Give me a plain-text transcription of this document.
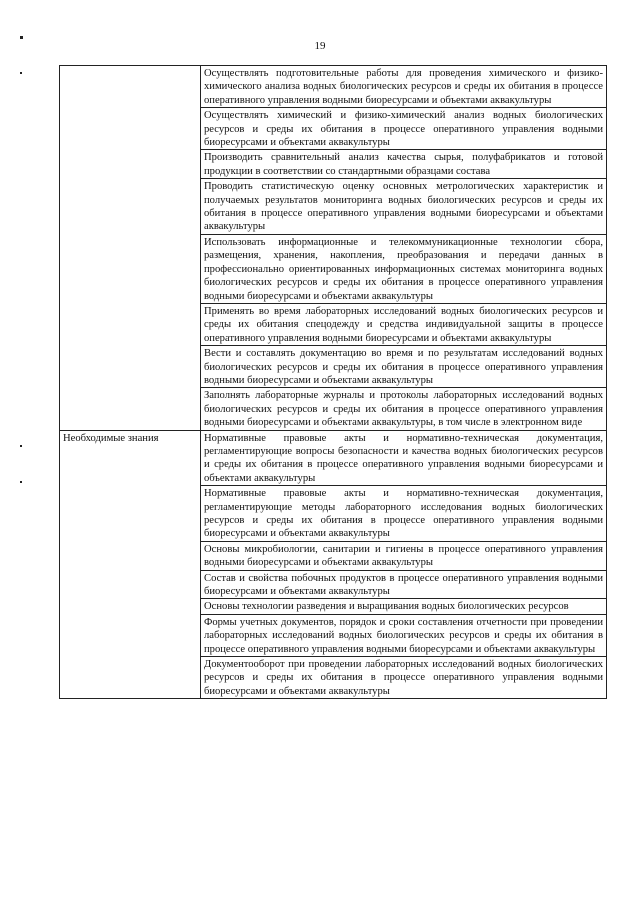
19
	Осуществлять подготовительные работы для проведения химического и физико-химического анализа водных биологических ресурсов и среды их обитания в процессе оперативного управления водными биоресурсами и объектами аквакультуры
	Осуществлять химический и физико-химический анализ водных биологических ресурсов и среды их обитания в процессе оперативного управления водными биоресурсами и объектами аквакультуры
	Производить сравнительный анализ качества сырья, полуфабрикатов и готовой продукции в соответствии со стандартными образцами состава
	Проводить статистическую оценку основных метрологических характеристик и получаемых результатов мониторинга водных биологических ресурсов и среды их обитания в процессе оперативного управления водными биоресурсами и объектами аквакультуры
	Использовать информационные и телекоммуникационные технологии сбора, размещения, хранения, накопления, преобразования и передачи данных в профессионально ориентированных информационных системах мониторинга водных биологических ресурсов и среды их обитания в процессе оперативного управления водными биоресурсами и объектами аквакультуры
	Применять во время лабораторных исследований водных биологических ресурсов и среды их обитания спецодежду и средства индивидуальной защиты в процессе оперативного управления водными биоресурсами и объектами аквакультуры
	Вести и составлять документацию во время и по результатам исследований водных биологических ресурсов и среды их обитания в процессе оперативного управления водными биоресурсами и объектами аквакультуры
	Заполнять лабораторные журналы и протоколы лабораторных исследований водных биологических ресурсов и среды их обитания в процессе оперативного управления водными биоресурсами и объектами аквакультуры, в том числе в электронном виде
Необходимые знания	Нормативные правовые акты и нормативно-техническая документация, регламентирующие вопросы безопасности и качества водных биологических ресурсов и среды их обитания в процессе оперативного управления водными биоресурсами и объектами аквакультуры
	Нормативные правовые акты и нормативно-техническая документация, регламентирующие методы лабораторного исследования водных биологических ресурсов и среды их обитания в процессе оперативного управления водными биоресурсами и объектами аквакультуры
	Основы микробиологии, санитарии и гигиены в процессе оперативного управления водными биоресурсами и объектами аквакультуры
	Состав и свойства побочных продуктов в процессе оперативного управления водными биоресурсами и объектами аквакультуры
	Основы технологии разведения и выращивания водных биологических ресурсов
	Формы учетных документов, порядок и сроки составления отчетности при проведении лабораторных исследований водных биологических ресурсов и среды их обитания в процессе оперативного управления водными биоресурсами и объектами аквакультуры
	Документооборот при проведении лабораторных исследований водных биологических ресурсов и среды их обитания в процессе оперативного управления водными биоресурсами и объектами аквакультуры
